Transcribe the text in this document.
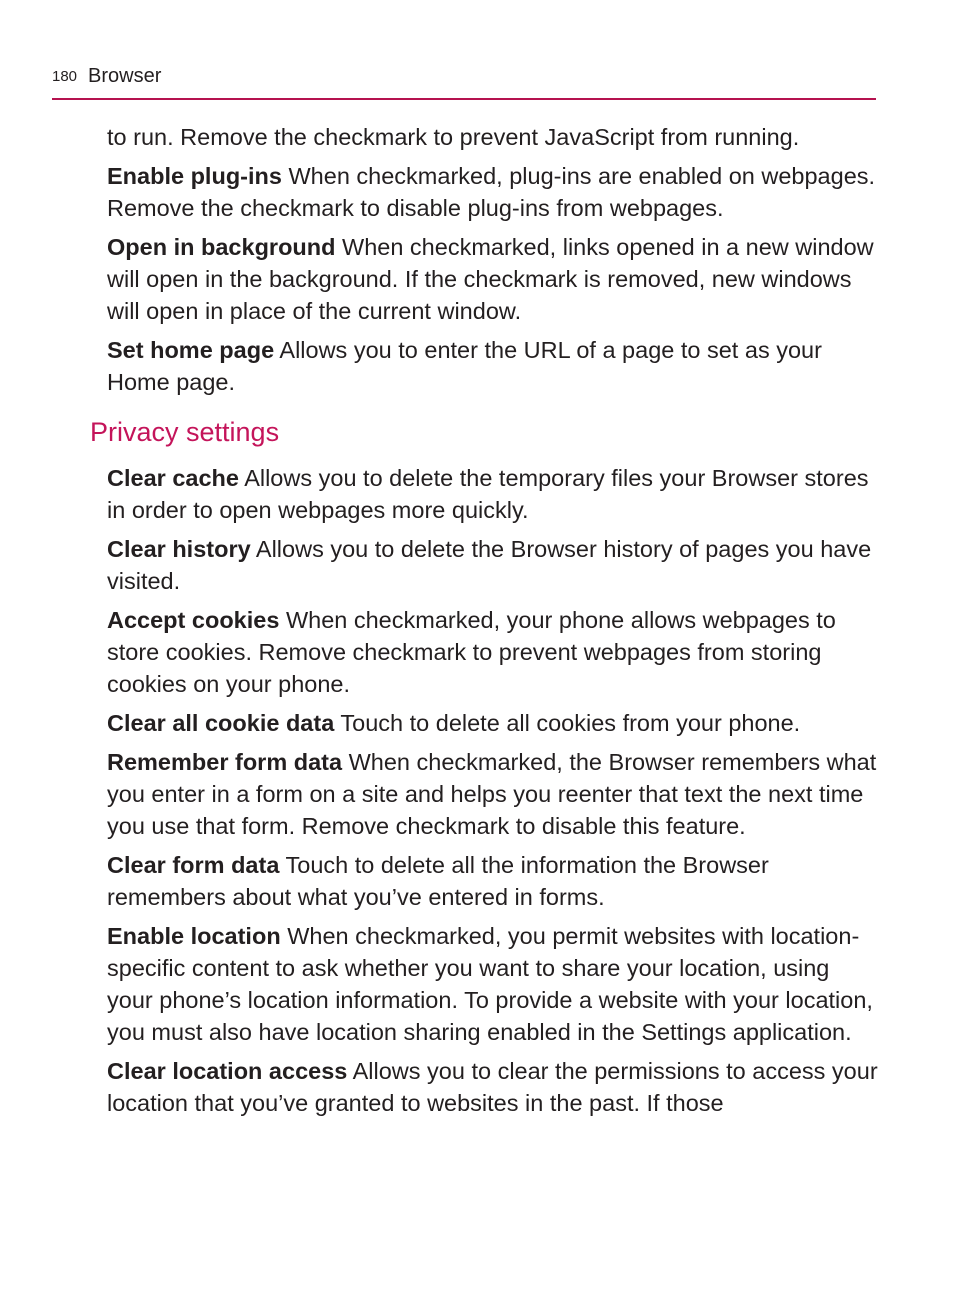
180 Browser

to run. Remove the checkmark to prevent JavaScript from running.

Enable plug-ins When checkmarked, plug-ins are enabled on webpages. Remove the checkmark to disable plug-ins from webpages.

Open in background When checkmarked, links opened in a new window will open in the background. If the checkmark is removed, new windows will open in place of the current window.

Set home page Allows you to enter the URL of a page to set as your Home page.

Privacy settings

Clear cache Allows you to delete the temporary files your Browser stores in order to open webpages more quickly.

Clear history Allows you to delete the Browser history of pages you have visited.

Accept cookies When checkmarked, your phone allows webpages to store cookies. Remove checkmark to prevent webpages from storing cookies on your phone.

Clear all cookie data Touch to delete all cookies from your phone.

Remember form data When checkmarked, the Browser remembers what you enter in a form on a site and helps you reenter that text the next time you use that form. Remove checkmark to disable this feature.

Clear form data Touch to delete all the information the Browser remembers about what you’ve entered in forms.

Enable location When checkmarked, you permit websites with location-specific content to ask whether you want to share your location, using your phone’s location information. To provide a website with your location, you must also have location sharing enabled in the Settings application.

Clear location access Allows you to clear the permissions to access your location that you’ve granted to websites in the past. If those
